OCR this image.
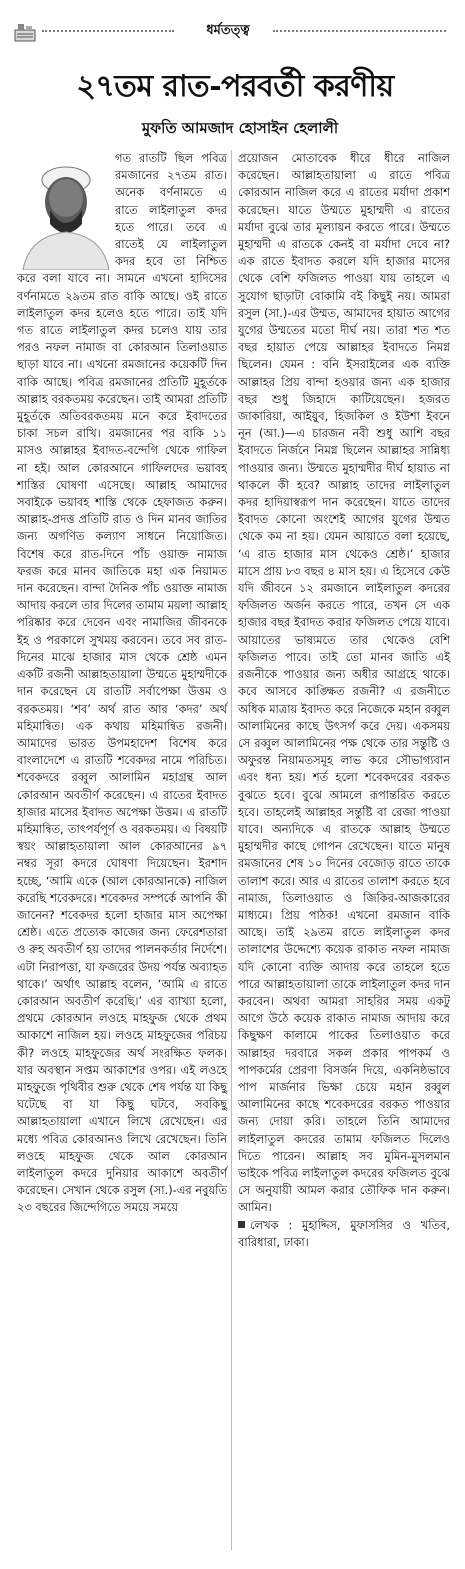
ধর্মতত্ত্ব
২৭তম রাত-পরবর্তী করণীয়
মুফতি আমজাদ হোসাইন হেলালী

গত রাতটি ছিল পবিত্র রমজানের ২৭তম রাত। অনেক বর্ণনামতে এ রাতে লাইলাতুল কদর হতে পারে। তবে এ রাতেই যে লাইলাতুল কদর হবে তা নিশ্চিত করে বলা যাবে না। সামনে এখনো হাদিসের বর্ণনামতে ২৯তম রাত বাকি আছে। ওই রাতে লাইলাতুল কদর হলেও হতে পারে। তাই যদি গত রাতে লাইলাতুল কদর চলেও যায় তার পরও নফল নামাজ বা কোরআন তিলাওয়াত ছাড়া যাবে না। এখনো রমজানের কয়েকটি দিন বাকি আছে। পবিত্র রমজানের প্রতিটি মুহূর্তকে আল্লাহ বরকতময় করেছেন। তাই আমরা প্রতিটি মুহূর্তকে অতিবরকতময় মনে করে ইবাদতের চাকা সচল রাখি। রমজানের পর বাকি ১১ মাসও আল্লাহর ইবাদত-বন্দেগি থেকে গাফিল না হই। আল কোরআনে গাফিলদের ভয়াবহ শাস্তির ঘোষণা এসেছে। আল্লাহ আমাদের সবাইকে ভয়াবহ শাস্তি থেকে হেফাজত করুন। আল্লাহ-প্রদত্ত প্রতিটি রাত ও দিন মানব জাতির জন্য অগণিত কল্যাণ সাধনে নিয়োজিত। বিশেষ করে রাত-দিনে পাঁচ ওয়াক্ত নামাজ ফরজ করে মানব জাতিকে মহা এক নিয়ামত দান করেছেন। বান্দা দৈনিক পাঁচ ওয়াক্ত নামাজ আদায় করলে তার দিলের তামাম ময়লা আল্লাহ পরিষ্কার করে দেবেন এবং নামাজির জীবনকে ইহ ও পরকালে সুখময় করবেন। তবে সব রাত-দিনের মাঝে হাজার মাস থেকে শ্রেষ্ঠ এমন একটি রজনী আল্লাহতায়ালা উম্মতে মুহাম্মদীকে দান করেছেন যে রাতটি সর্বাপেক্ষা উত্তম ও বরকতময়। ‘শব’ অর্থ রাত আর ‘কদর’ অর্থ মহিমান্বিত। এক কথায় মহিমান্বিত রজনী। আমাদের ভারত উপমহাদেশ বিশেষ করে বাংলাদেশে এ রাতটি শবেকদর নামে পরিচিত। শবেকদরে রব্বুল আলামিন মহাগ্রন্থ আল কোরআন অবতীর্ণ করেছেন। এ রাতের ইবাদত হাজার মাসের ইবাদত অপেক্ষা উত্তম। এ রাতটি মহিমান্বিত, তাৎপর্যপূর্ণ ও বরকতময়। এ বিষয়টি স্বয়ং আল্লাহতায়ালা আল কোরআনের ৯৭ নম্বর সূরা কদরে ঘোষণা দিয়েছেন। ইরশাদ হচ্ছে, ‘আমি একে (আল কোরআনকে) নাজিল করেছি শবেকদরে। শবেকদর সম্পর্কে আপনি কী জানেন? শবেকদর হলো হাজার মাস অপেক্ষা শ্রেষ্ঠ। এতে প্রত্যেক কাজের জন্য ফেরেশতারা ও রুহ অবতীর্ণ হয় তাদের পালনকর্তার নির্দেশে। এটা নিরাপত্তা, যা ফজরের উদয় পর্যন্ত অব্যাহত থাকে।’ অর্থাৎ আল্লাহ বলেন, ‘আমি এ রাতে কোরআন অবতীর্ণ করেছি।’ এর ব্যাখ্যা হলো, প্রথমে কোরআন লওহে মাহফুজ থেকে প্রথম আকাশে নাজিল হয়। লওহে মাহফুজের পরিচয় কী? লওহে মাহফুজের অর্থ সংরক্ষিত ফলক। যার অবস্থান সপ্তম আকাশের ওপর। এই লওহে মাহফুজে পৃথিবীর শুরু থেকে শেষ পর্যন্ত যা কিছু ঘটেছে বা যা কিছু ঘটবে, সবকিছু আল্লাহতায়ালা এখানে লিখে রেখেছেন। এর মধ্যে পবিত্র কোরআনও লিখে রেখেছেন। তিনি লওহে মাহফুজ থেকে আল কোরআন লাইলাতুল কদরে দুনিয়ার আকাশে অবতীর্ণ করেছেন। সেখান থেকে রসুল (সা.)-এর নবুয়তি ২৩ বছরের জিন্দেগিতে সময়ে সময়ে

প্রয়োজন মোতাবেক ধীরে ধীরে নাজিল করেছেন। আল্লাহতায়ালা এ রাতে পবিত্র কোরআন নাজিল করে এ রাতের মর্যাদা প্রকাশ করেছেন। যাতে উম্মতে মুহাম্মদী এ রাতের মর্যাদা বুঝে তার মূল্যায়ন করতে পারে। উম্মতে মুহাম্মদী এ রাতকে কেনই বা মর্যাদা দেবে না? এক রাতে ইবাদত করলে যদি হাজার মাসের থেকে বেশি ফজিলত পাওয়া যায় তাহলে এ সুযোগ ছাড়াটা বোকামি বই কিছুই নয়। আমরা রসুল (সা.)-এর উম্মত, আমাদের হায়াত আগের যুগের উম্মতের মতো দীর্ঘ নয়। তারা শত শত বছর হায়াত পেয়ে আল্লাহর ইবাদতে নিমগ্ন ছিলেন। যেমন : বনি ইসরাইলের এক ব্যক্তি আল্লাহর প্রিয় বান্দা হওয়ার জন্য এক হাজার বছর শুধু জিহাদে কাটিয়েছেন। হজরত জাকারিয়া, আইয়ুব, হিজকিল ও ইউশা ইবনে নূন (আ.)—এ চারজন নবী শুধু আশি বছর ইবাদতে নির্জনে নিমগ্ন ছিলেন আল্লাহর সান্নিধ্য পাওয়ার জন্য। উম্মতে মুহাম্মদীর দীর্ঘ হায়াত না থাকলে কী হবে? আল্লাহ তাদের লাইলাতুল কদর হাদিয়াস্বরূপ দান করেছেন। যাতে তাদের ইবাদত কোনো অংশেই আগের যুগের উম্মত থেকে কম না হয়। যেমন আয়াতে বলা হয়েছে, ‘এ রাত হাজার মাস থেকেও শ্রেষ্ঠ।’ হাজার মাসে প্রায় ৮৩ বছর ৪ মাস হয়। এ হিসেবে কেউ যদি জীবনে ১২ রমজানে লাইলাতুল কদরের ফজিলত অর্জন করতে পারে, তখন সে এক হাজার বছর ইবাদত করার ফজিলত পেয়ে যাবে। আয়াতের ভাষ্যমতে তার থেকেও বেশি ফজিলত পাবে। তাই তো মানব জাতি এই রজনীকে পাওয়ার জন্য অধীর আগ্রহে থাকে। কবে আসবে কাঙ্ক্ষিত রজনী? এ রজনীতে অধিক মাত্রায় ইবাদত করে নিজেকে মহান রব্বুল আলামিনের কাছে উৎসর্গ করে দেয়। একসময় সে রব্বুল আলামিনের পক্ষ থেকে তার সন্তুষ্টি ও অফুরন্ত নিয়ামতসমূহ লাভ করে সৌভাগ্যবান এবং ধন্য হয়। শর্ত হলো শবেকদরের বরকত বুঝতে হবে। বুঝে আমলে রূপান্তরিত করতে হবে। তাহলেই আল্লাহর সন্তুষ্টি বা রেজা পাওয়া যাবে। অন্যদিকে এ রাতকে আল্লাহ উম্মতে মুহাম্মদীর কাছে গোপন রেখেছেন। যাতে মানুষ রমজানের শেষ ১০ দিনের বেজোড় রাতে তাকে তালাশ করে। আর এ রাতের তালাশ করতে হবে নামাজ, তিলাওয়াত ও জিকির-আজকারের মাধ্যমে। প্রিয় পাঠক! এখনো রমজান বাকি আছে। তাই ২৯তম রাতে লাইলাতুল কদর তালাশের উদ্দেশ্যে কয়েক রাকাত নফল নামাজ যদি কোনো ব্যক্তি আদায় করে তাহলে হতে পারে আল্লাহতায়ালা তাকে লাইলাতুল কদর দান করবেন। অথবা আমরা সাহরির সময় একটু আগে উঠে কয়েক রাকাত নামাজ আদায় করে কিছুক্ষণ কালামে পাকের তিলাওয়াত করে আল্লাহর দরবারে সকল প্রকার পাপকর্ম ও পাপকর্মের প্রেরণা বিসর্জন দিয়ে, একনিষ্ঠভাবে পাপ মার্জনার ভিক্ষা চেয়ে মহান রব্বুল আলামিনের কাছে শবেকদরের বরকত পাওয়ার জন্য দোয়া করি। তাহলে তিনি আমাদের লাইলাতুল কদরের তামাম ফজিলত দিলেও দিতে পারেন। আল্লাহ সব মুমিন-মুসলমান ভাইকে পবিত্র লাইলাতুল কদরের ফজিলত বুঝে সে অনুযায়ী আমল করার তৌফিক দান করুন। আমিন।

লেখক : মুহাদ্দিস, মুফাসসির ও খতিব, বারিধারা, ঢাকা।
